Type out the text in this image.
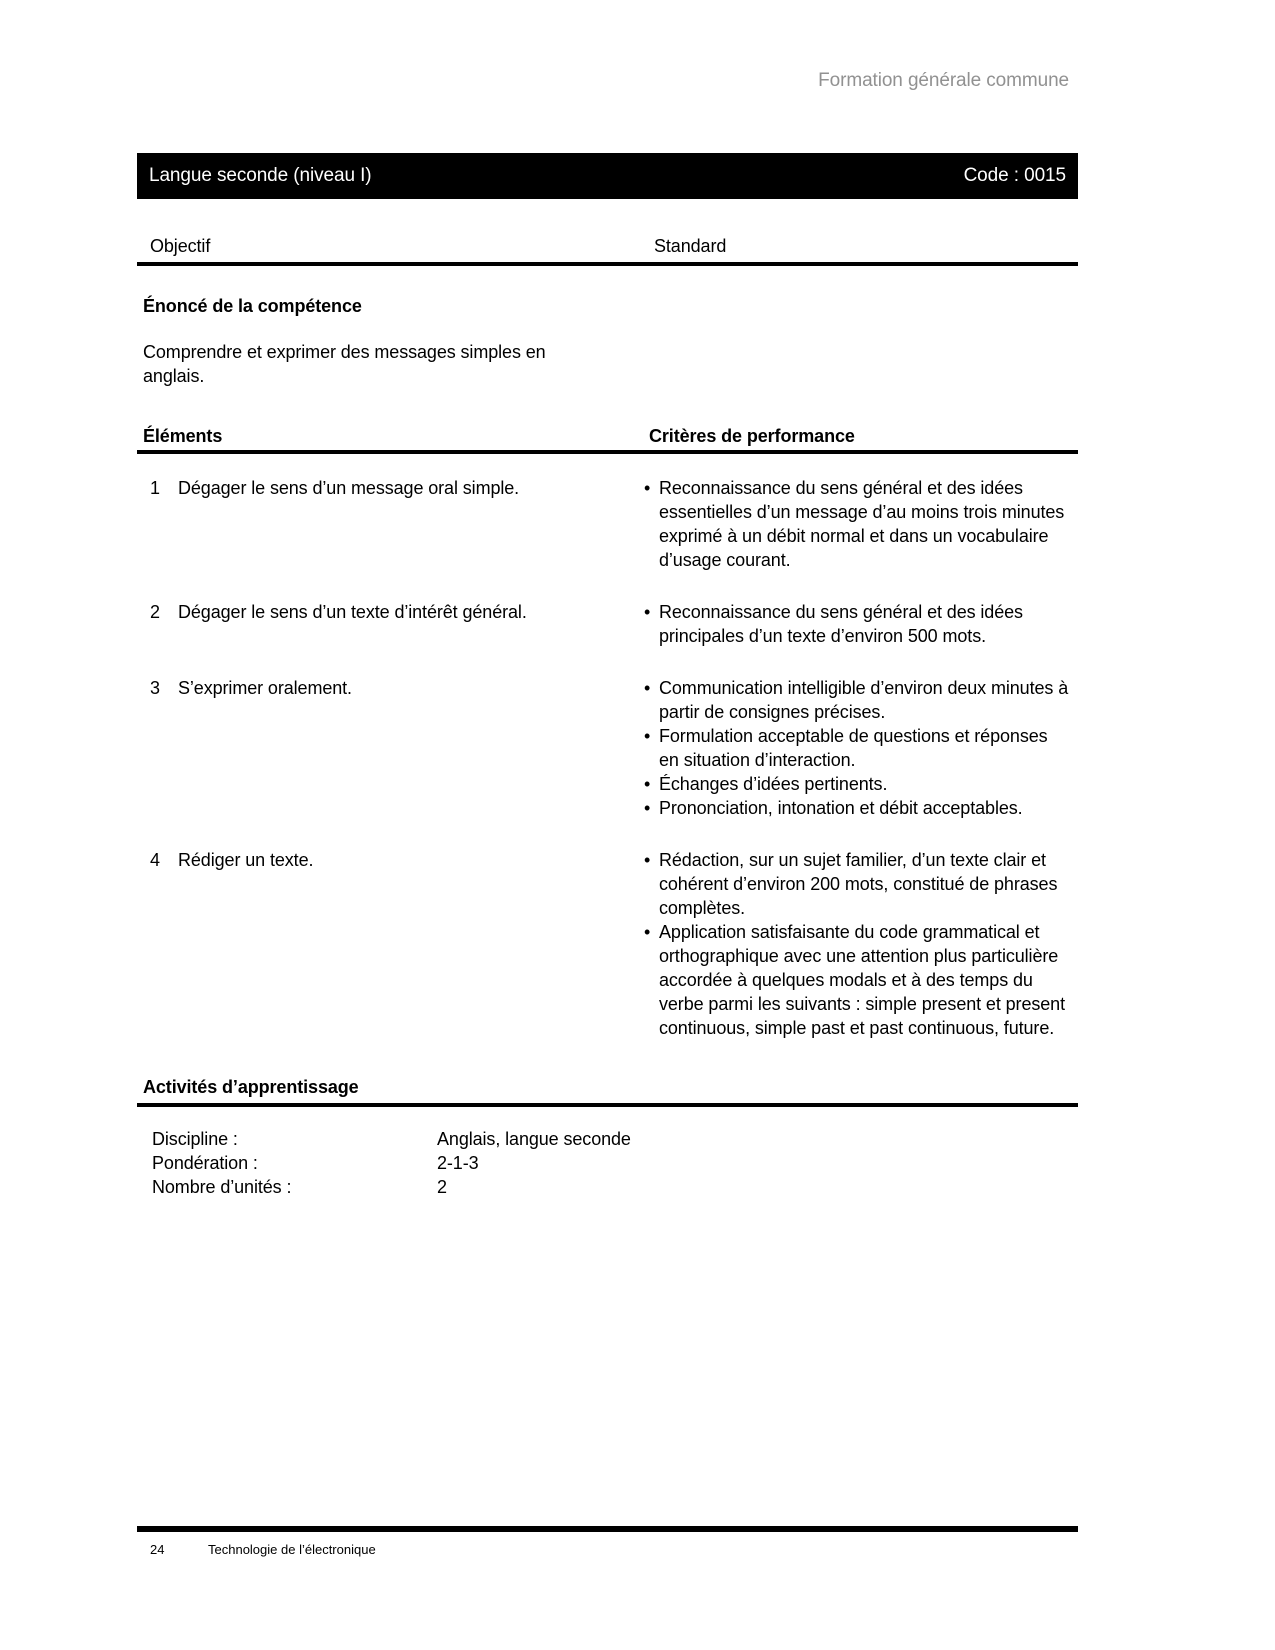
Formation générale commune
Langue seconde (niveau I)	Code : 0015
Objectif	Standard
Énoncé de la compétence
Comprendre et exprimer des messages simples en anglais.
Éléments	Critères de performance
1	Dégager le sens d’un message oral simple.	• Reconnaissance du sens général et des idées essentielles d’un message d’au moins trois minutes exprimé à un débit normal et dans un vocabulaire d’usage courant.
2	Dégager le sens d’un texte d’intérêt général.	• Reconnaissance du sens général et des idées principales d’un texte d’environ 500 mots.
3	S’exprimer oralement.	• Communication intelligible d’environ deux minutes à partir de consignes précises.
• Formulation acceptable de questions et réponses en situation d’interaction.
• Échanges d’idées pertinents.
• Prononciation, intonation et débit acceptables.
4	Rédiger un texte.	• Rédaction, sur un sujet familier, d’un texte clair et cohérent d’environ 200 mots, constitué de phrases complètes.
• Application satisfaisante du code grammatical et orthographique avec une attention plus particulière accordée à quelques modals et à des temps du verbe parmi les suivants : simple present et present continuous, simple past et past continuous, future.
Activités d’apprentissage
Discipline :	Anglais, langue seconde
Pondération :	2-1-3
Nombre d’unités :	2
24	Technologie de l’électronique
